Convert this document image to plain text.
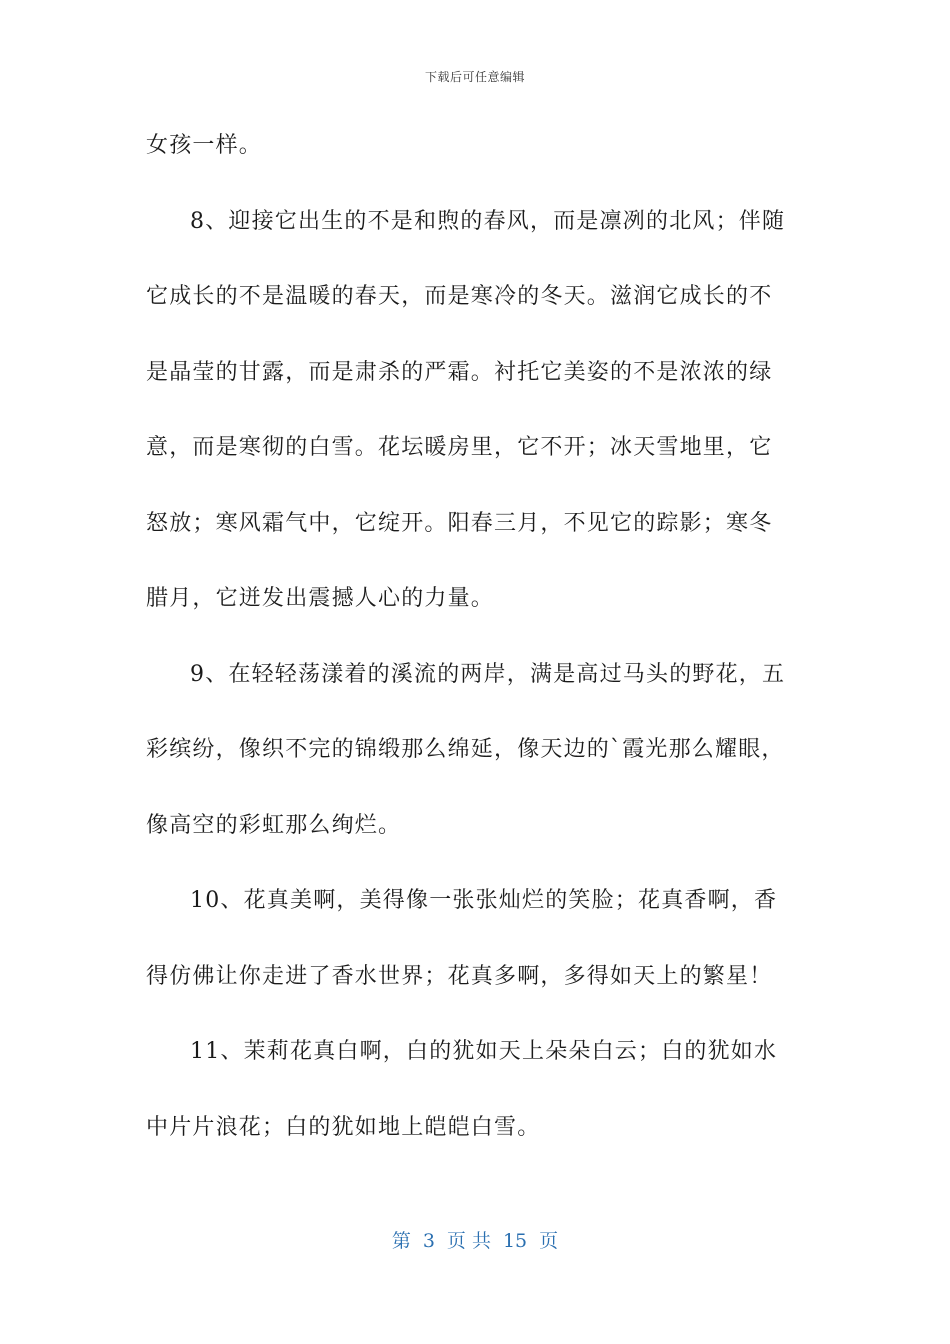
下载后可任意编辑
女孩一样。
8、迎接它出生的不是和煦的春风，而是凛冽的北风；伴随
它成长的不是温暖的春天，而是寒冷的冬天。滋润它成长的不
是晶莹的甘露，而是肃杀的严霜。衬托它美姿的不是浓浓的绿
意，而是寒彻的白雪。花坛暖房里，它不开；冰天雪地里，它
怒放；寒风霜气中，它绽开。阳春三月，不见它的踪影；寒冬
腊月，它迸发出震撼人心的力量。
9、在轻轻荡漾着的溪流的两岸，满是高过马头的野花，五
彩缤纷，像织不完的锦缎那么绵延，像天边的`霞光那么耀眼，
像高空的彩虹那么绚烂。
10、花真美啊，美得像一张张灿烂的笑脸；花真香啊，香
得仿佛让你走进了香水世界；花真多啊，多得如天上的繁星！
11、茉莉花真白啊，白的犹如天上朵朵白云；白的犹如水
中片片浪花；白的犹如地上皑皑白雪。
第 3 页 共 15 页
